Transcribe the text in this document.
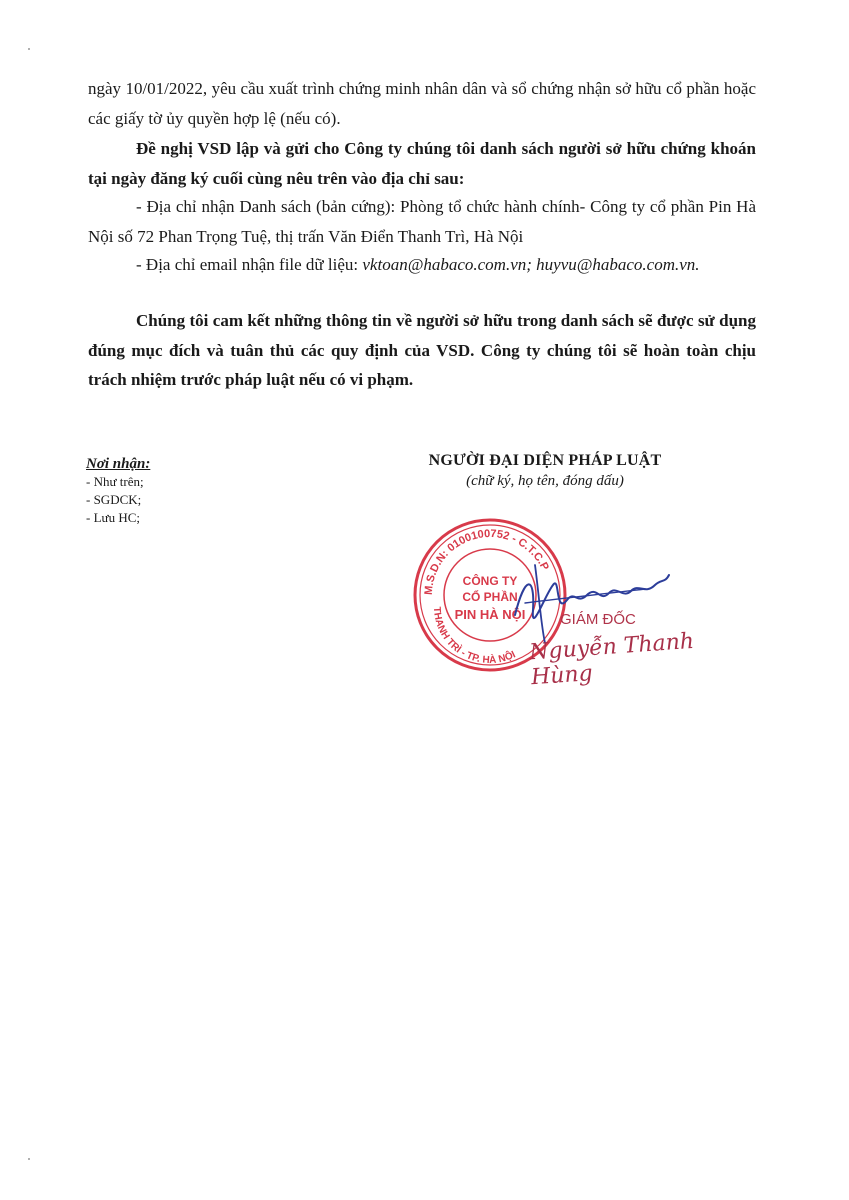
ngày 10/01/2022, yêu cầu xuất trình chứng minh nhân dân và sổ chứng nhận sở hữu cổ phần hoặc các giấy tờ ủy quyền hợp lệ (nếu có).
Đề nghị VSD lập và gửi cho Công ty chúng tôi danh sách người sở hữu chứng khoán tại ngày đăng ký cuối cùng nêu trên vào địa chỉ sau:
- Địa chỉ nhận Danh sách (bản cứng): Phòng tổ chức hành chính- Công ty cổ phần Pin Hà Nội số 72 Phan Trọng Tuệ, thị trấn Văn Điển Thanh Trì, Hà Nội
- Địa chỉ email nhận file dữ liệu: vktoan@habaco.com.vn; huyvu@habaco.com.vn.
Chúng tôi cam kết những thông tin về người sở hữu trong danh sách sẽ được sử dụng đúng mục đích và tuân thủ các quy định của VSD. Công ty chúng tôi sẽ hoàn toàn chịu trách nhiệm trước pháp luật nếu có vi phạm.
Nơi nhận:
- Như trên;
- SGDCK;
- Lưu HC;
NGƯỜI ĐẠI DIỆN PHÁP LUẬT
(chữ ký, họ tên, đóng dấu)
M.S.D.N: 0100100752 - C.T.C.P
THANH TRÌ - TP. HÀ NỘI
CÔNG TY
CỔ PHẦN
PIN HÀ NỘI GIÁM ĐỐC
Nguyễn Thanh Hùng
